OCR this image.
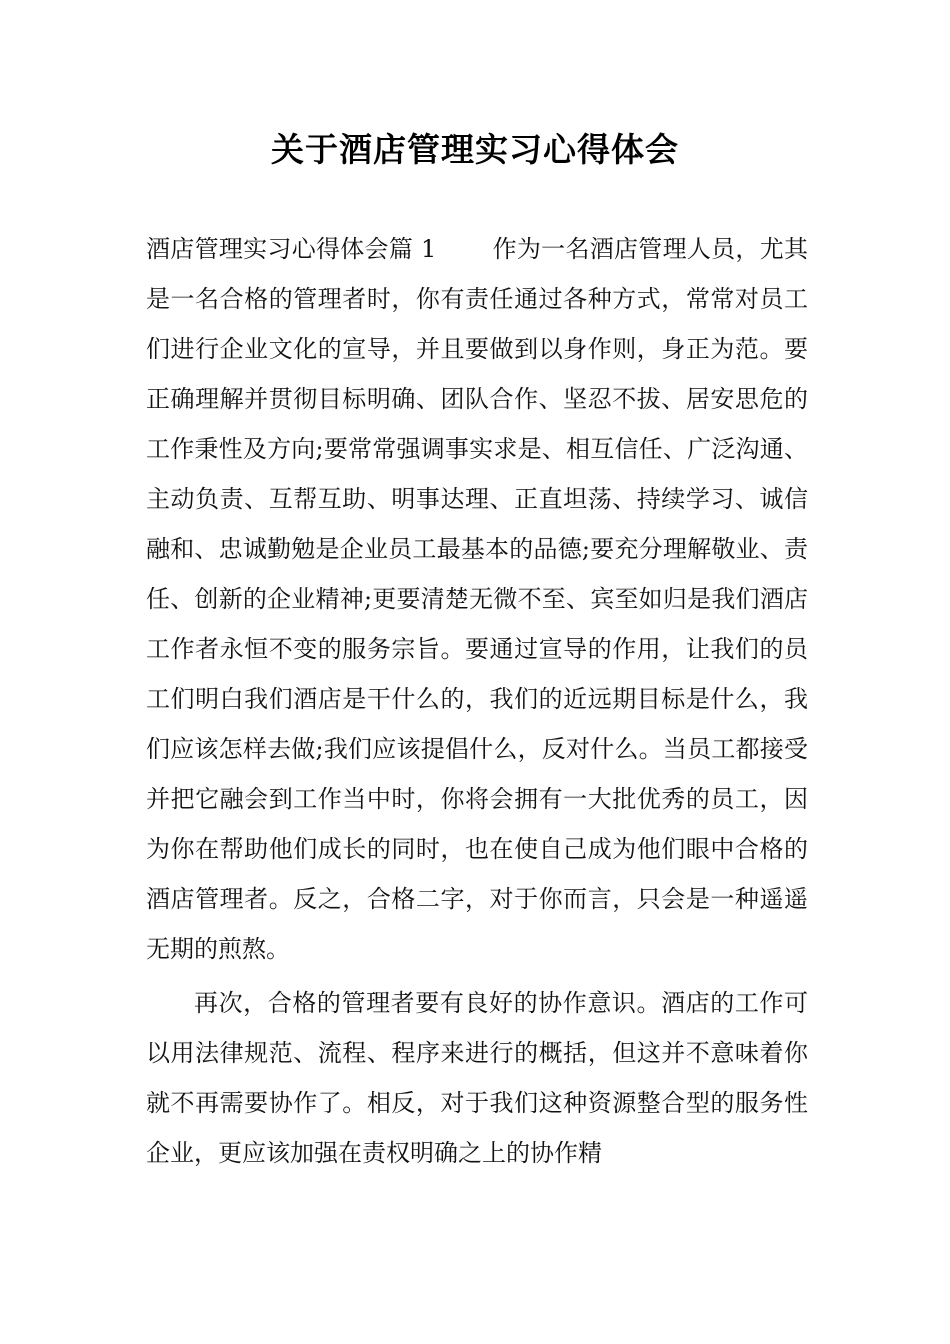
关于酒店管理实习心得体会

酒店管理实习心得体会篇 1 作为一名酒店管理人员，尤其是一名合格的管理者时，你有责任通过各种方式，常常对员工们进行企业文化的宣导，并且要做到以身作则，身正为范。要正确理解并贯彻目标明确、团队合作、坚忍不拔、居安思危的工作秉性及方向;要常常强调事实求是、相互信任、广泛沟通、主动负责、互帮互助、明事达理、正直坦荡、持续学习、诚信融和、忠诚勤勉是企业员工最基本的品德;要充分理解敬业、责任、创新的企业精神;更要清楚无微不至、宾至如归是我们酒店工作者永恒不变的服务宗旨。要通过宣导的作用，让我们的员工们明白我们酒店是干什么的，我们的近远期目标是什么，我们应该怎样去做;我们应该提倡什么，反对什么。当员工都接受并把它融会到工作当中时，你将会拥有一大批优秀的员工，因为你在帮助他们成长的同时，也在使自己成为他们眼中合格的酒店管理者。反之，合格二字，对于你而言，只会是一种遥遥无期的煎熬。

再次，合格的管理者要有良好的协作意识。酒店的工作可以用法律规范、流程、程序来进行的概括，但这并不意味着你就不再需要协作了。相反，对于我们这种资源整合型的服务性企业，更应该加强在责权明确之上的协作精
